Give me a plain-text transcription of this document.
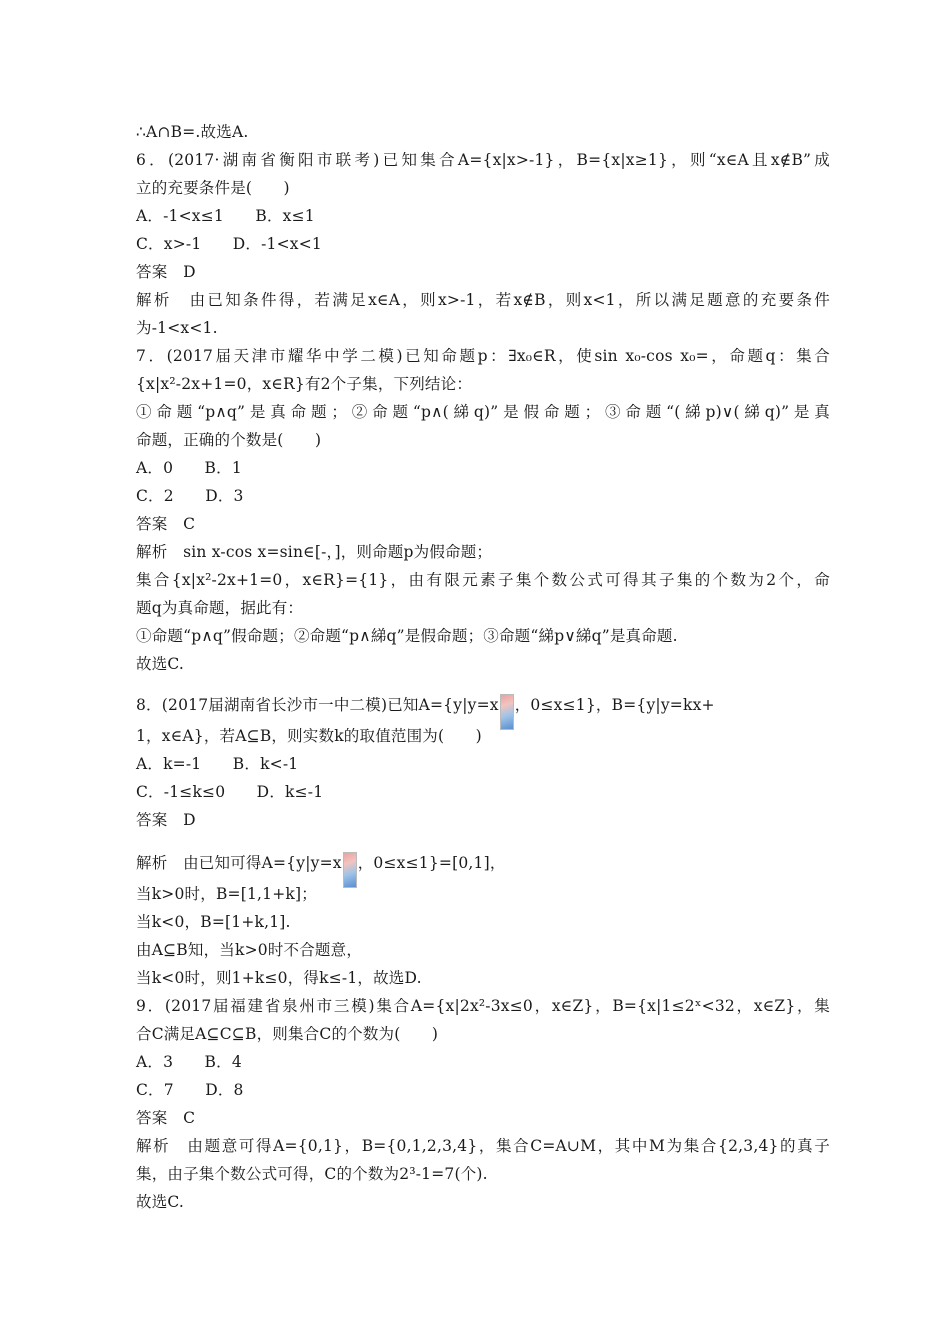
∴A∩B=.故选A.
6．(2017·湖南省衡阳市联考)已知集合A={x|x>-1}，B={x|x≥1}，则“x∈A且x∉B”成
立的充要条件是(　　)
A．-1<x≤1　　B．x≤1
C．x>-1　　D．-1<x<1
答案　D
解析　由已知条件得，若满足x∈A，则x>-1，若x∉B，则x<1，所以满足题意的充要条件
为-1<x<1.
7．(2017届天津市耀华中学二模)已知命题p：∃x₀∈R，使sin x₀-cos x₀=，命题q：集合
{x|x²-2x+1=0，x∈R}有2个子集，下列结论：
①命题“p∧q”是真命题；②命题“p∧(綈q)”是假命题；③命题“(綈p)∨(綈q)”是真
命题，正确的个数是(　　)
A．0　　B．1
C．2　　D．3
答案　C
解析　sin x-cos x=sin∈[-，]，则命题p为假命题；
集合{x|x²-2x+1=0，x∈R}={1}，由有限元素子集个数公式可得其子集的个数为2个，命
题q为真命题，据此有：
①命题“p∧q”假命题；②命题“p∧綈q”是假命题；③命题“綈p∨綈q”是真命题.
故选C.
8．(2017届湖南省长沙市一中二模)已知A={y|y=x ，0≤x≤1}，B={y|y=kx+
1，x∈A}，若A⊆B，则实数k的取值范围为(　　)
A．k=-1　　B．k<-1
C．-1≤k≤0　　D．k≤-1
答案　D
解析　由已知可得A={y|y=x ，0≤x≤1}=[0,1]，
当k>0时，B=[1,1+k]；
当k<0，B=[1+k,1].
由A⊆B知，当k>0时不合题意，
当k<0时，则1+k≤0，得k≤-1，故选D.
9．(2017届福建省泉州市三模)集合A={x|2x²-3x≤0，x∈Z}，B={x|1≤2ˣ<32，x∈Z}，集
合C满足A⊆C⊆B，则集合C的个数为(　　)
A．3　　B．4
C．7　　D．8
答案　C
解析　由题意可得A={0,1}，B={0,1,2,3,4}，集合C=A∪M，其中M为集合{2,3,4}的真子
集，由子集个数公式可得，C的个数为2³-1=7(个).
故选C.
